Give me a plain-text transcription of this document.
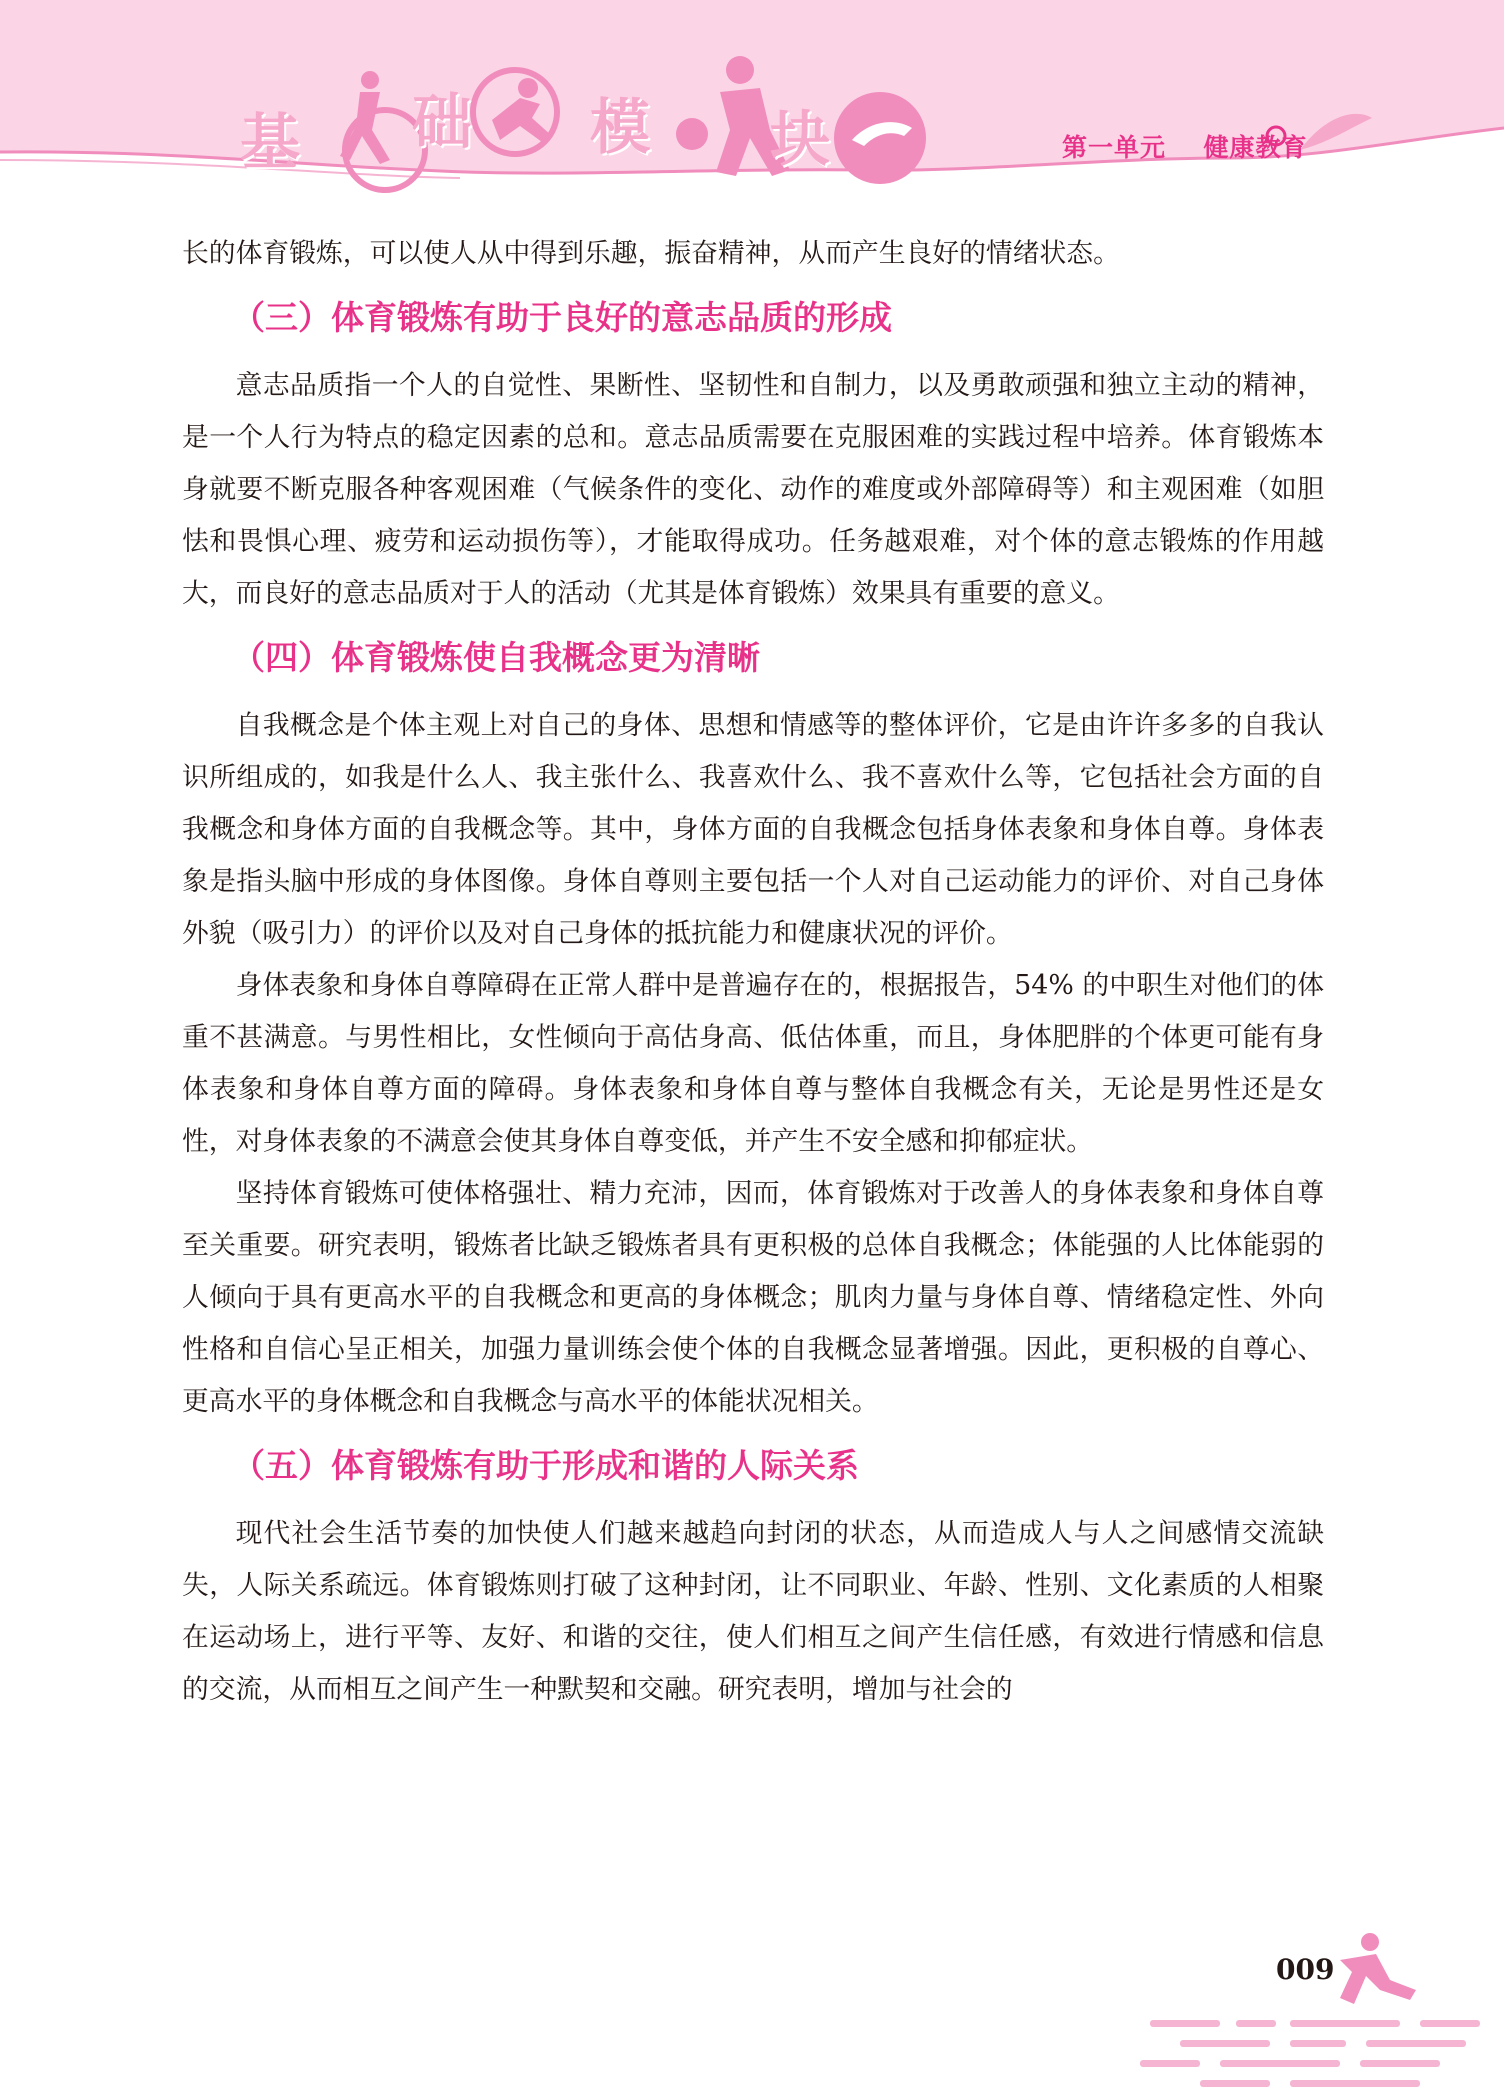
基 础 模 块	第一单元 健康教育

长的体育锻炼，可以使人从中得到乐趣，振奋精神，从而产生良好的情绪状态。

（三）体育锻炼有助于良好的意志品质的形成

意志品质指一个人的自觉性、果断性、坚韧性和自制力，以及勇敢顽强和独立主动的精神，是一个人行为特点的稳定因素的总和。意志品质需要在克服困难的实践过程中培养。体育锻炼本身就要不断克服各种客观困难（气候条件的变化、动作的难度或外部障碍等）和主观困难（如胆怯和畏惧心理、疲劳和运动损伤等），才能取得成功。任务越艰难，对个体的意志锻炼的作用越大，而良好的意志品质对于人的活动（尤其是体育锻炼）效果具有重要的意义。

（四）体育锻炼使自我概念更为清晰

自我概念是个体主观上对自己的身体、思想和情感等的整体评价，它是由许许多多的自我认识所组成的，如我是什么人、我主张什么、我喜欢什么、我不喜欢什么等，它包括社会方面的自我概念和身体方面的自我概念等。其中，身体方面的自我概念包括身体表象和身体自尊。身体表象是指头脑中形成的身体图像。身体自尊则主要包括一个人对自己运动能力的评价、对自己身体外貌（吸引力）的评价以及对自己身体的抵抗能力和健康状况的评价。

身体表象和身体自尊障碍在正常人群中是普遍存在的，根据报告，54% 的中职生对他们的体重不甚满意。与男性相比，女性倾向于高估身高、低估体重，而且，身体肥胖的个体更可能有身体表象和身体自尊方面的障碍。身体表象和身体自尊与整体自我概念有关，无论是男性还是女性，对身体表象的不满意会使其身体自尊变低，并产生不安全感和抑郁症状。

坚持体育锻炼可使体格强壮、精力充沛，因而，体育锻炼对于改善人的身体表象和身体自尊至关重要。研究表明，锻炼者比缺乏锻炼者具有更积极的总体自我概念；体能强的人比体能弱的人倾向于具有更高水平的自我概念和更高的身体概念；肌肉力量与身体自尊、情绪稳定性、外向性格和自信心呈正相关，加强力量训练会使个体的自我概念显著增强。因此，更积极的自尊心、更高水平的身体概念和自我概念与高水平的体能状况相关。

（五）体育锻炼有助于形成和谐的人际关系

现代社会生活节奏的加快使人们越来越趋向封闭的状态，从而造成人与人之间感情交流缺失，人际关系疏远。体育锻炼则打破了这种封闭，让不同职业、年龄、性别、文化素质的人相聚在运动场上，进行平等、友好、和谐的交往，使人们相互之间产生信任感，有效进行情感和信息的交流，从而相互之间产生一种默契和交融。研究表明，增加与社会的

009
